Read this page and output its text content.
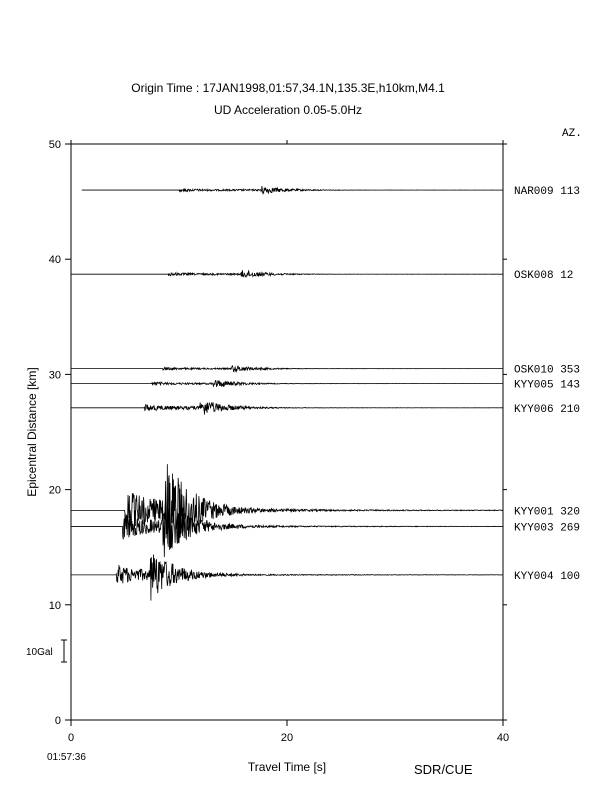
Origin Time : 17JAN1998,01:57,34.1N,135.3E,h10km,M4.1
UD Acceleration 0.05-5.0Hz
AZ.
NAR009 113
OSK008 12
OSK010 353
KYY005 143
KYY006 210
KYY001 320
KYY003 269
KYY004 100
0
10
20
30
40
50
0	20	40
10Gal
Epicentral Distance [km]
Travel Time [s]
01:57:36
SDR/CUE
